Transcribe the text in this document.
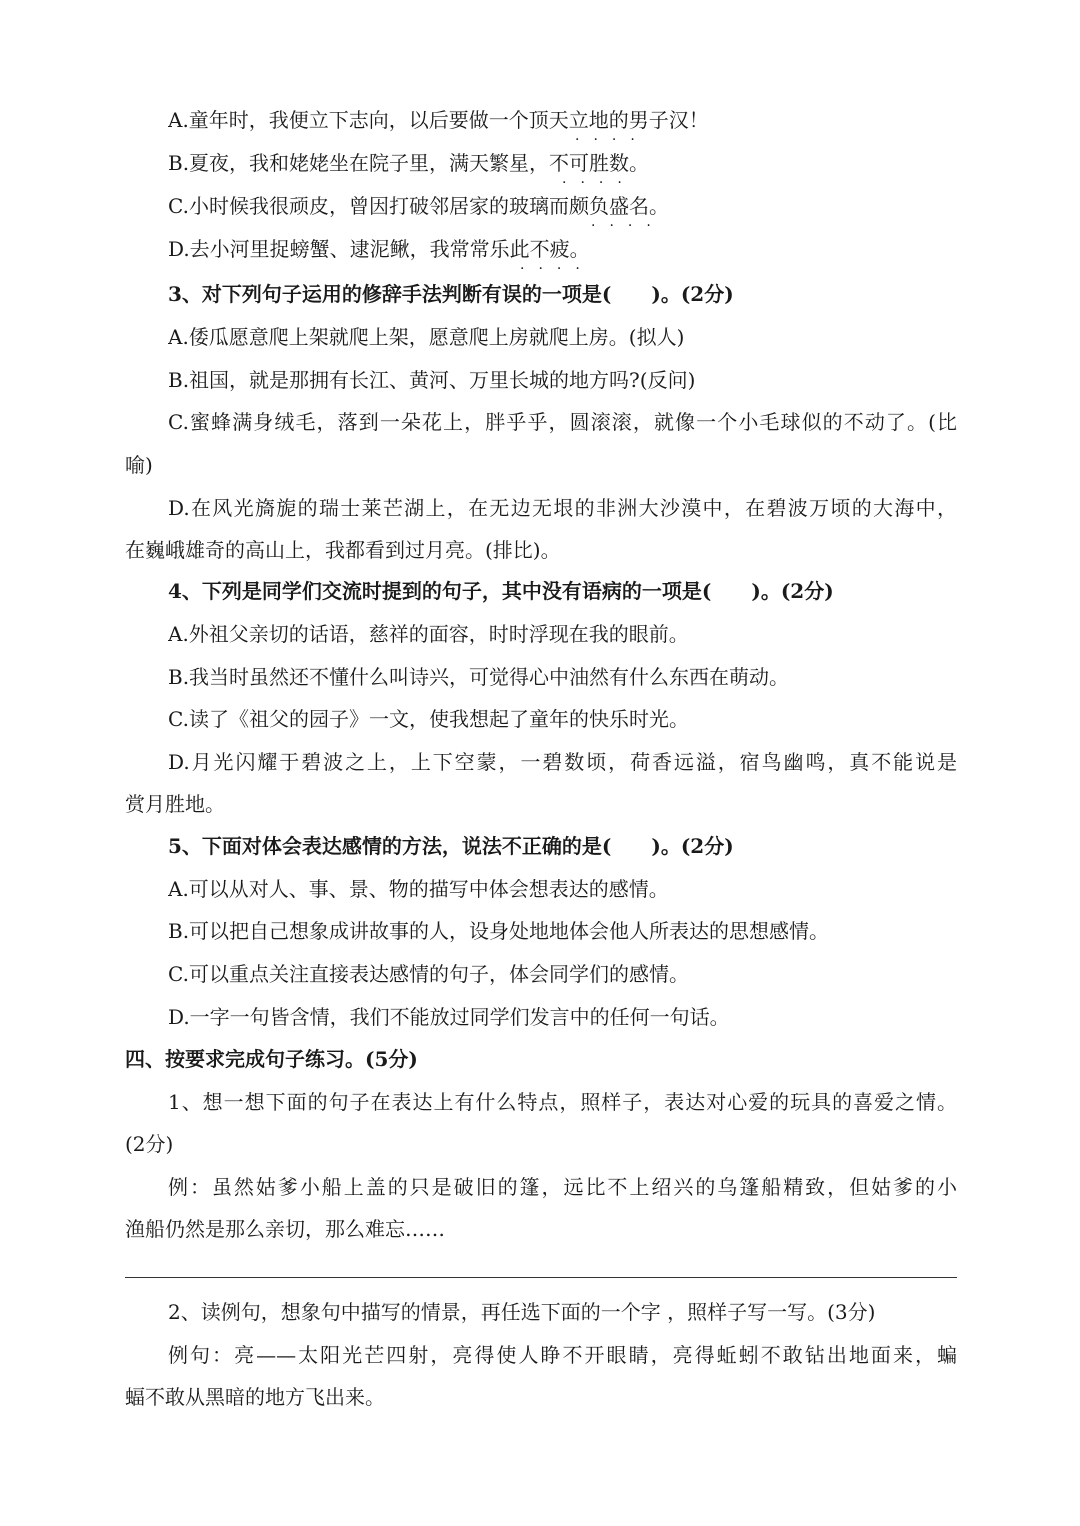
A.童年时，我便立下志向，以后要做一个顶天立地的男子汉！
·　·　·　·
B.夏夜，我和姥姥坐在院子里，满天繁星，不可胜数。
·　·　·　·
C.小时候我很顽皮，曾因打破邻居家的玻璃而颇负盛名。
·　·　·　·
D.去小河里捉螃蟹、逮泥鳅，我常常乐此不疲。
·　·　·　·
3、对下列句子运用的修辞手法判断有误的一项是(　　)。(2分)
A.倭瓜愿意爬上架就爬上架，愿意爬上房就爬上房。(拟人)
B.祖国，就是那拥有长江、黄河、万里长城的地方吗?(反问)
C.蜜蜂满身绒毛，落到一朵花上，胖乎乎，圆滚滚，就像一个小毛球似的不动了。(比
喻)
D.在风光旖旎的瑞士莱芒湖上，在无边无垠的非洲大沙漠中，在碧波万顷的大海中，
在巍峨雄奇的高山上，我都看到过月亮。(排比)。
4、下列是同学们交流时提到的句子，其中没有语病的一项是(　　)。(2分)
A.外祖父亲切的话语，慈祥的面容，时时浮现在我的眼前。
B.我当时虽然还不懂什么叫诗兴，可觉得心中油然有什么东西在萌动。
C.读了《祖父的园子》一文，使我想起了童年的快乐时光。
D.月光闪耀于碧波之上，上下空蒙，一碧数顷，荷香远溢，宿鸟幽鸣，真不能说是
赏月胜地。
5、下面对体会表达感情的方法，说法不正确的是(　　)。(2分)
A.可以从对人、事、景、物的描写中体会想表达的感情。
B.可以把自己想象成讲故事的人，设身处地地体会他人所表达的思想感情。
C.可以重点关注直接表达感情的句子，体会同学们的感情。
D.一字一句皆含情，我们不能放过同学们发言中的任何一句话。
四、按要求完成句子练习。(5分)
1、想一想下面的句子在表达上有什么特点，照样子，表达对心爱的玩具的喜爱之情。
(2分)
例：虽然姑爹小船上盖的只是破旧的篷，远比不上绍兴的乌篷船精致，但姑爹的小
渔船仍然是那么亲切，那么难忘……
2、读例句，想象句中描写的情景，再任选下面的一个字 ，照样子写一写。(3分)
例句：亮——太阳光芒四射，亮得使人睁不开眼睛，亮得蚯蚓不敢钻出地面来，蝙
蝠不敢从黑暗的地方飞出来。
